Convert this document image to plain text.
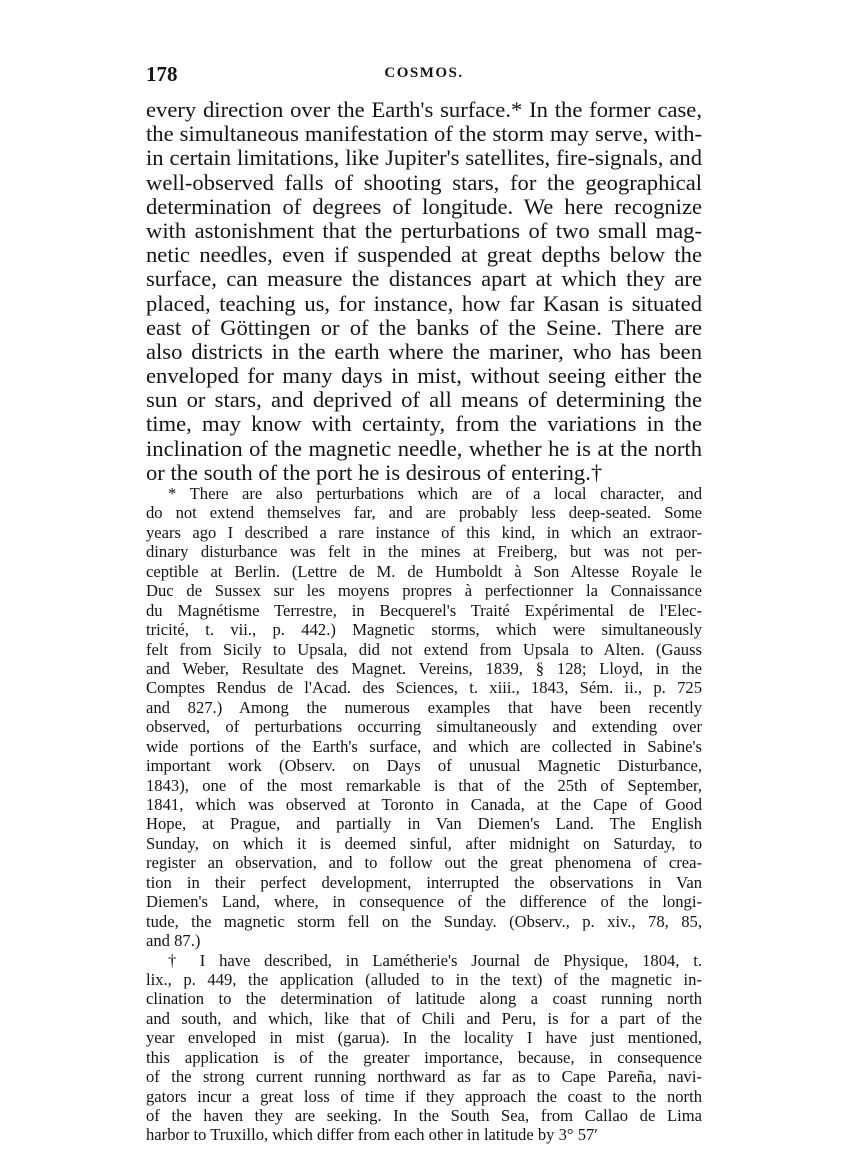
178	COSMOS.
every direction over the Earth's surface.* In the former case,
the simultaneous manifestation of the storm may serve, with-
in certain limitations, like Jupiter's satellites, fire-signals, and
well-observed falls of shooting stars, for the geographical
determination of degrees of longitude. We here recognize
with astonishment that the perturbations of two small mag-
netic needles, even if suspended at great depths below the
surface, can measure the distances apart at which they are
placed, teaching us, for instance, how far Kasan is situated
east of Göttingen or of the banks of the Seine. There are
also districts in the earth where the mariner, who has been
enveloped for many days in mist, without seeing either the
sun or stars, and deprived of all means of determining the
time, may know with certainty, from the variations in the
inclination of the magnetic needle, whether he is at the north
or the south of the port he is desirous of entering.†
* There are also perturbations which are of a local character, and
do not extend themselves far, and are probably less deep-seated. Some
years ago I described a rare instance of this kind, in which an extraor-
dinary disturbance was felt in the mines at Freiberg, but was not per-
ceptible at Berlin. (Lettre de M. de Humboldt à Son Altesse Royale le
Duc de Sussex sur les moyens propres à perfectionner la Connaissance
du Magnétisme Terrestre, in Becquerel's Traité Expérimental de l'Elec-
tricité, t. vii., p. 442.) Magnetic storms, which were simultaneously
felt from Sicily to Upsala, did not extend from Upsala to Alten. (Gauss
and Weber, Resultate des Magnet. Vereins, 1839, § 128; Lloyd, in the
Comptes Rendus de l'Acad. des Sciences, t. xiii., 1843, Sém. ii., p. 725
and 827.) Among the numerous examples that have been recently
observed, of perturbations occurring simultaneously and extending over
wide portions of the Earth's surface, and which are collected in Sabine's
important work (Observ. on Days of unusual Magnetic Disturbance,
1843), one of the most remarkable is that of the 25th of September,
1841, which was observed at Toronto in Canada, at the Cape of Good
Hope, at Prague, and partially in Van Diemen's Land. The English
Sunday, on which it is deemed sinful, after midnight on Saturday, to
register an observation, and to follow out the great phenomena of crea-
tion in their perfect development, interrupted the observations in Van
Diemen's Land, where, in consequence of the difference of the longi-
tude, the magnetic storm fell on the Sunday. (Observ., p. xiv., 78, 85,
and 87.)
† I have described, in Lamétherie's Journal de Physique, 1804, t.
lix., p. 449, the application (alluded to in the text) of the magnetic in-
clination to the determination of latitude along a coast running north
and south, and which, like that of Chili and Peru, is for a part of the
year enveloped in mist (garua). In the locality I have just mentioned,
this application is of the greater importance, because, in consequence
of the strong current running northward as far as to Cape Pareña, navi-
gators incur a great loss of time if they approach the coast to the north
of the haven they are seeking. In the South Sea, from Callao de Lima
harbor to Truxillo, which differ from each other in latitude by 3° 57′
